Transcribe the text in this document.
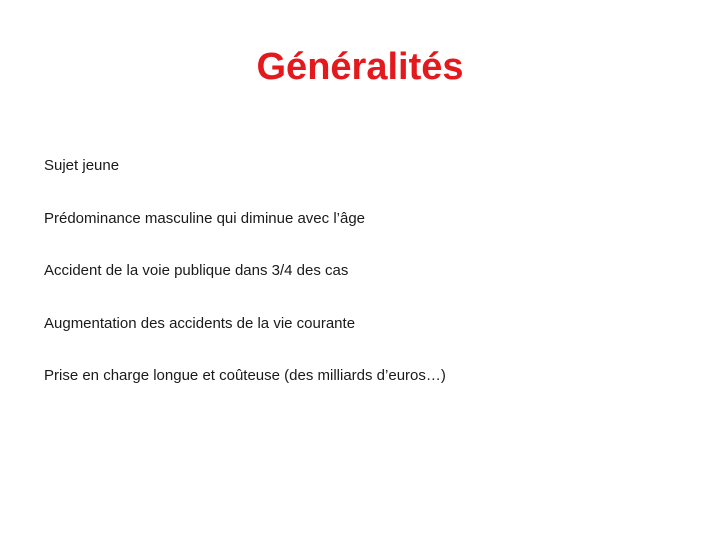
Généralités
Sujet jeune
Prédominance masculine qui diminue avec l’âge
Accident de la voie publique dans 3/4 des cas
Augmentation des accidents de la vie courante
Prise en charge longue et coûteuse (des milliards d’euros…)
